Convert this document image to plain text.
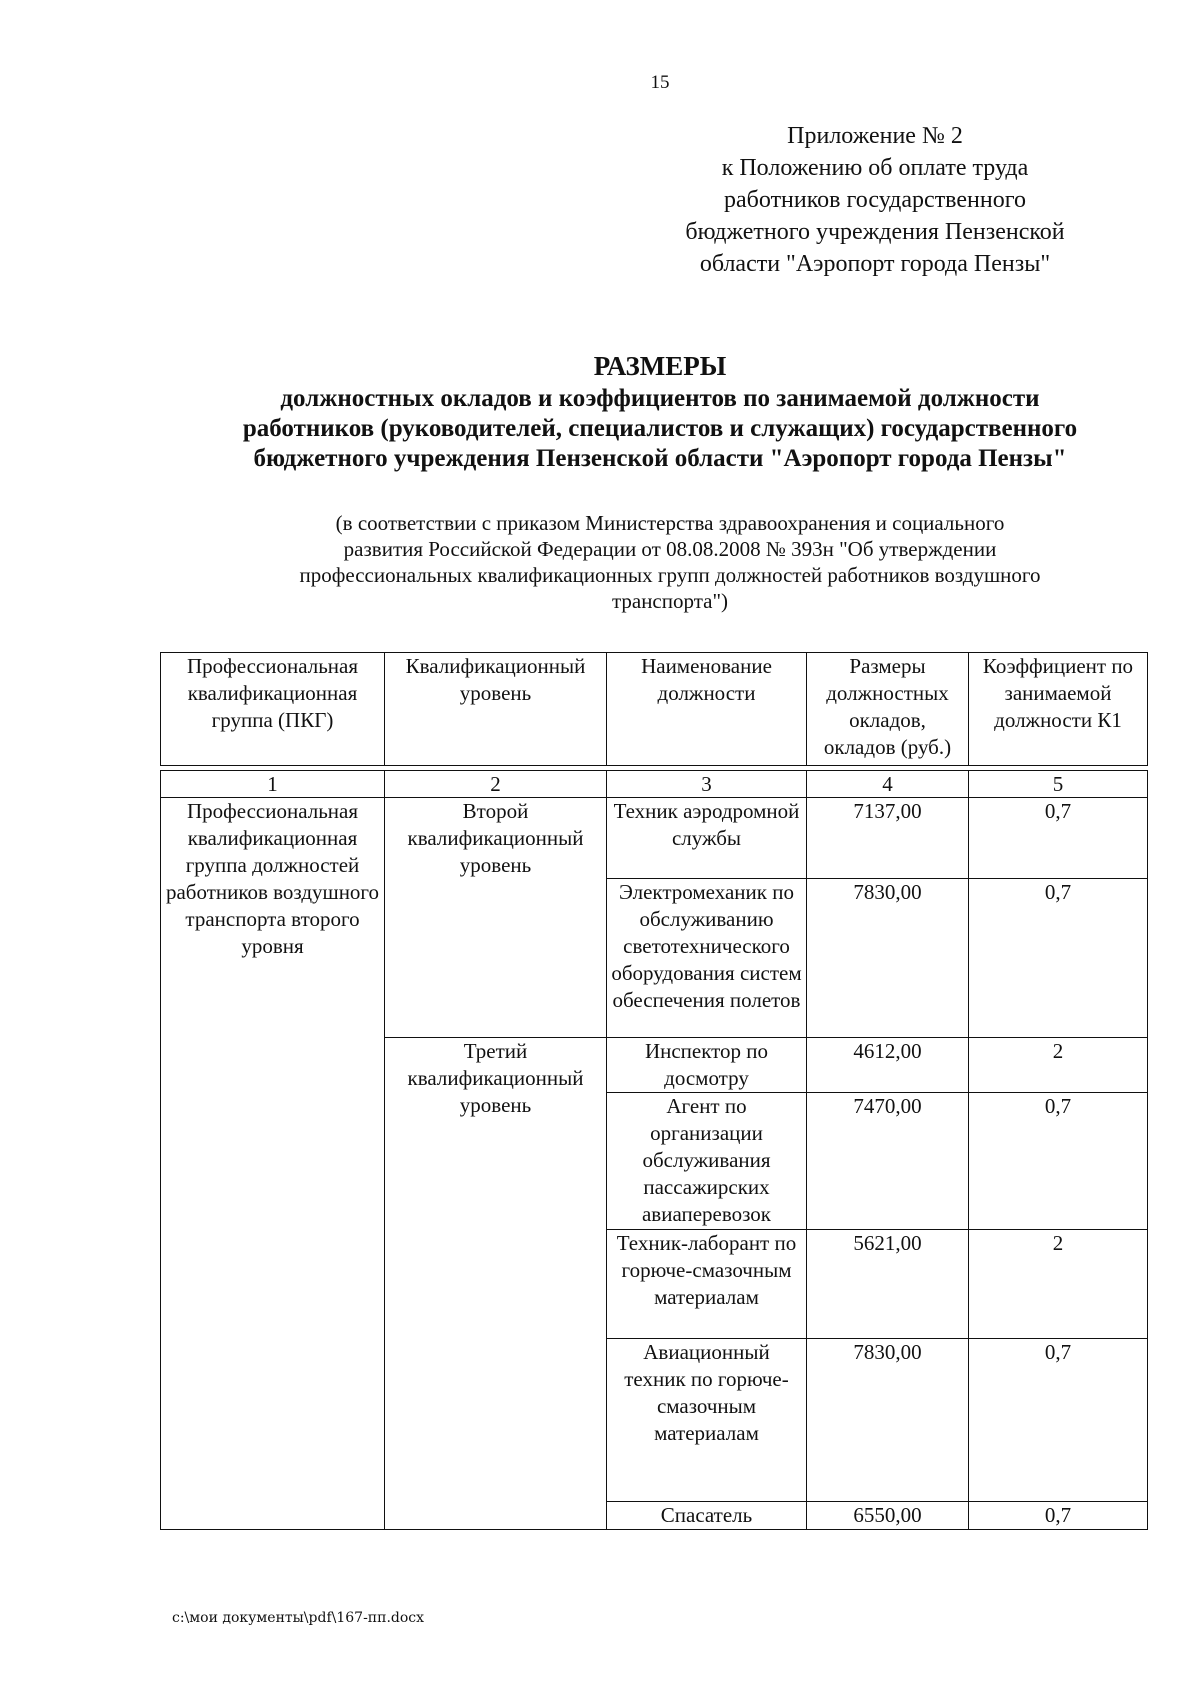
15
Приложение № 2
к Положению об оплате труда
работников государственного
бюджетного учреждения Пензенской
области "Аэропорт города Пензы"
РАЗМЕРЫ
должностных окладов и коэффициентов по занимаемой должности
работников (руководителей, специалистов и служащих) государственного
бюджетного учреждения Пензенской области "Аэропорт города Пензы"
(в соответствии с приказом Министерства здравоохранения и социального
развития Российской Федерации от 08.08.2008 № 393н "Об утверждении
профессиональных квалификационных групп должностей работников воздушного
транспорта")
Профессиональная квалификационная группа (ПКГ)	Квалификационный уровень	Наименование должности	Размеры должностных окладов, окладов (руб.)	Коэффициент по занимаемой должности К1
1	2	3	4	5
Профессиональная квалификационная группа должностей работников воздушного транспорта второго уровня	Второй квалификационный уровень	Техник аэродромной службы	7137,00	0,7
		Электромеханик по обслуживанию светотехнического оборудования систем обеспечения полетов	7830,00	0,7
	Третий квалификационный уровень	Инспектор по досмотру	4612,00	2
		Агент по организации обслуживания пассажирских авиаперевозок	7470,00	0,7
		Техник-лаборант по горюче-смазочным материалам	5621,00	2
		Авиационный техник по горюче-смазочным материалам	7830,00	0,7
		Спасатель	6550,00	0,7
c:\мои документы\pdf\167-пп.docx
